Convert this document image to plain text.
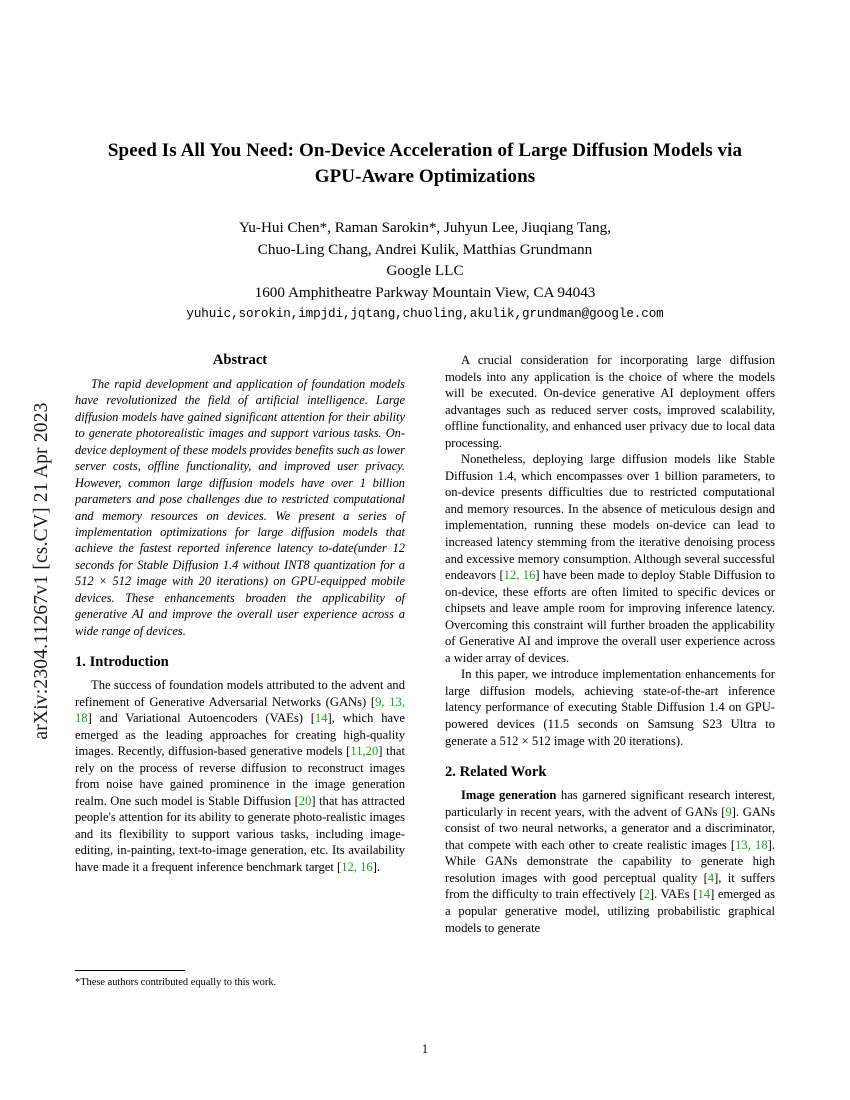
arXiv:2304.11267v1 [cs.CV] 21 Apr 2023
Speed Is All You Need: On-Device Acceleration of Large Diffusion Models via GPU-Aware Optimizations
Yu-Hui Chen*, Raman Sarokin*, Juhyun Lee, Jiuqiang Tang,
Chuo-Ling Chang, Andrei Kulik, Matthias Grundmann
Google LLC
1600 Amphitheatre Parkway Mountain View, CA 94043
yuhuic,sorokin,impjdi,jqtang,chuoling,akulik,grundman@google.com
Abstract

The rapid development and application of foundation models have revolutionized the field of artificial intelligence. Large diffusion models have gained significant attention for their ability to generate photorealistic images and support various tasks. On-device deployment of these models provides benefits such as lower server costs, offline functionality, and improved user privacy. However, common large diffusion models have over 1 billion parameters and pose challenges due to restricted computational and memory resources on devices. We present a series of implementation optimizations for large diffusion models that achieve the fastest reported inference latency to-date(under 12 seconds for Stable Diffusion 1.4 without INT8 quantization for a 512 × 512 image with 20 iterations) on GPU-equipped mobile devices. These enhancements broaden the applicability of generative AI and improve the overall user experience across a wide range of devices.

1. Introduction

The success of foundation models attributed to the advent and refinement of Generative Adversarial Networks (GANs) [9, 13, 18] and Variational Autoencoders (VAEs) [14], which have emerged as the leading approaches for creating high-quality images. Recently, diffusion-based generative models [11,20] that rely on the process of reverse diffusion to reconstruct images from noise have gained prominence in the image generation realm. One such model is Stable Diffusion [20] that has attracted people's attention for its ability to generate photo-realistic images and its flexibility to support various tasks, including image-editing, in-painting, text-to-image generation, etc. Its availability have made it a frequent inference benchmark target [12, 16].

*These authors contributed equally to this work.

A crucial consideration for incorporating large diffusion models into any application is the choice of where the models will be executed. On-device generative AI deployment offers advantages such as reduced server costs, improved scalability, offline functionality, and enhanced user privacy due to local data processing.

Nonetheless, deploying large diffusion models like Stable Diffusion 1.4, which encompasses over 1 billion parameters, to on-device presents difficulties due to restricted computational and memory resources. In the absence of meticulous design and implementation, running these models on-device can lead to increased latency stemming from the iterative denoising process and excessive memory consumption. Although several successful endeavors [12, 16] have been made to deploy Stable Diffusion to on-device, these efforts are often limited to specific devices or chipsets and leave ample room for improving inference latency. Overcoming this constraint will further broaden the applicability of Generative AI and improve the overall user experience across a wider array of devices.

In this paper, we introduce implementation enhancements for large diffusion models, achieving state-of-the-art inference latency performance of executing Stable Diffusion 1.4 on GPU-powered devices (11.5 seconds on Samsung S23 Ultra to generate a 512 × 512 image with 20 iterations).

2. Related Work

Image generation has garnered significant research interest, particularly in recent years, with the advent of GANs [9]. GANs consist of two neural networks, a generator and a discriminator, that compete with each other to create realistic images [13, 18]. While GANs demonstrate the capability to generate high resolution images with good perceptual quality [4], it suffers from the difficulty to train effectively [2]. VAEs [14] emerged as a popular generative model, utilizing probabilistic graphical models to generate

1
